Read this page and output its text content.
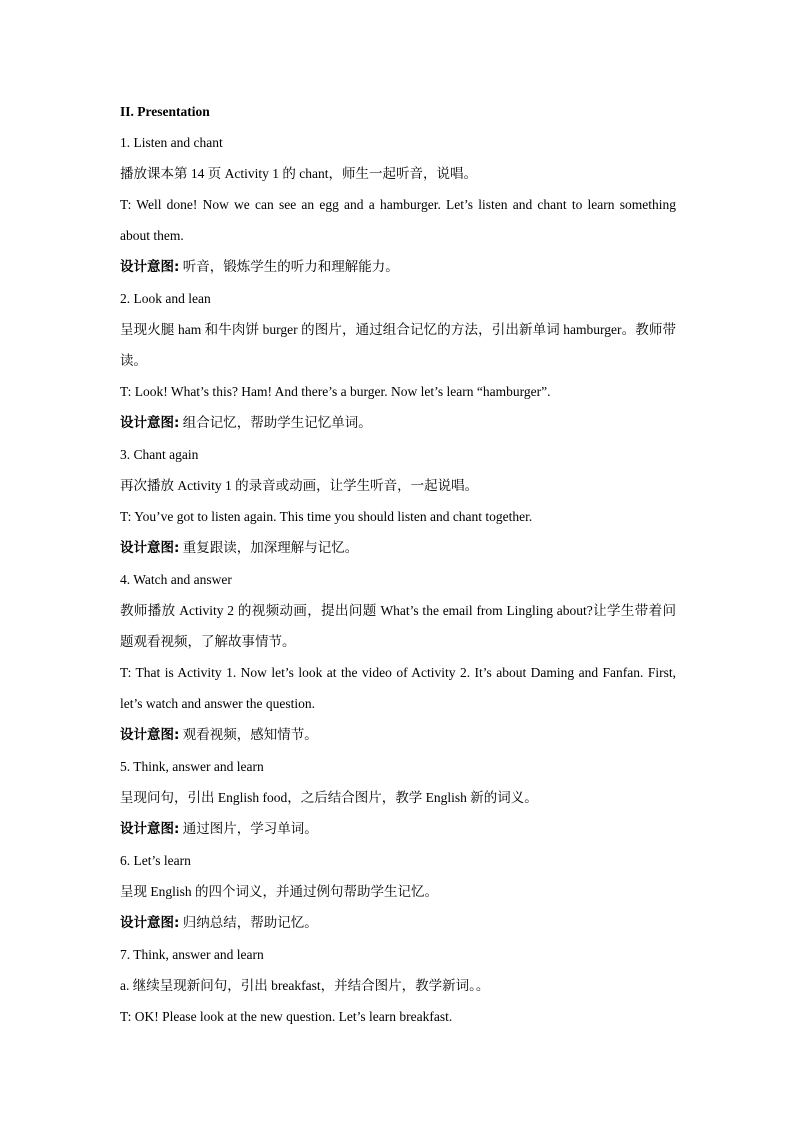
II. Presentation
1. Listen and chant
播放课本第 14 页 Activity 1 的 chant，师生一起听音，说唱。
T: Well done! Now we can see an egg and a hamburger. Let’s listen and chant to learn something about them.
设计意图: 听音，锻炼学生的听力和理解能力。
2. Look and lean
呈现火腿 ham 和牛肉饼 burger 的图片，通过组合记忆的方法，引出新单词 hamburger。教师带读。
T: Look! What’s this? Ham! And there’s a burger. Now let’s learn “hamburger”.
设计意图: 组合记忆，帮助学生记忆单词。
3. Chant again
再次播放 Activity 1 的录音或动画，让学生听音，一起说唱。
T: You’ve got to listen again. This time you should listen and chant together.
设计意图: 重复跟读，加深理解与记忆。
4. Watch and answer
教师播放 Activity 2 的视频动画，提出问题 What’s the email from Lingling about?让学生带着问题观看视频，了解故事情节。
T: That is Activity 1. Now let’s look at the video of Activity 2. It’s about Daming and Fanfan. First, let’s watch and answer the question.
设计意图: 观看视频，感知情节。
5. Think, answer and learn
呈现问句，引出 English food，之后结合图片，教学 English 新的词义。
设计意图: 通过图片，学习单词。
6. Let’s learn
呈现 English 的四个词义，并通过例句帮助学生记忆。
设计意图: 归纳总结，帮助记忆。
7. Think, answer and learn
a. 继续呈现新问句，引出 breakfast，并结合图片，教学新词。。
T: OK! Please look at the new question. Let’s learn breakfast.
